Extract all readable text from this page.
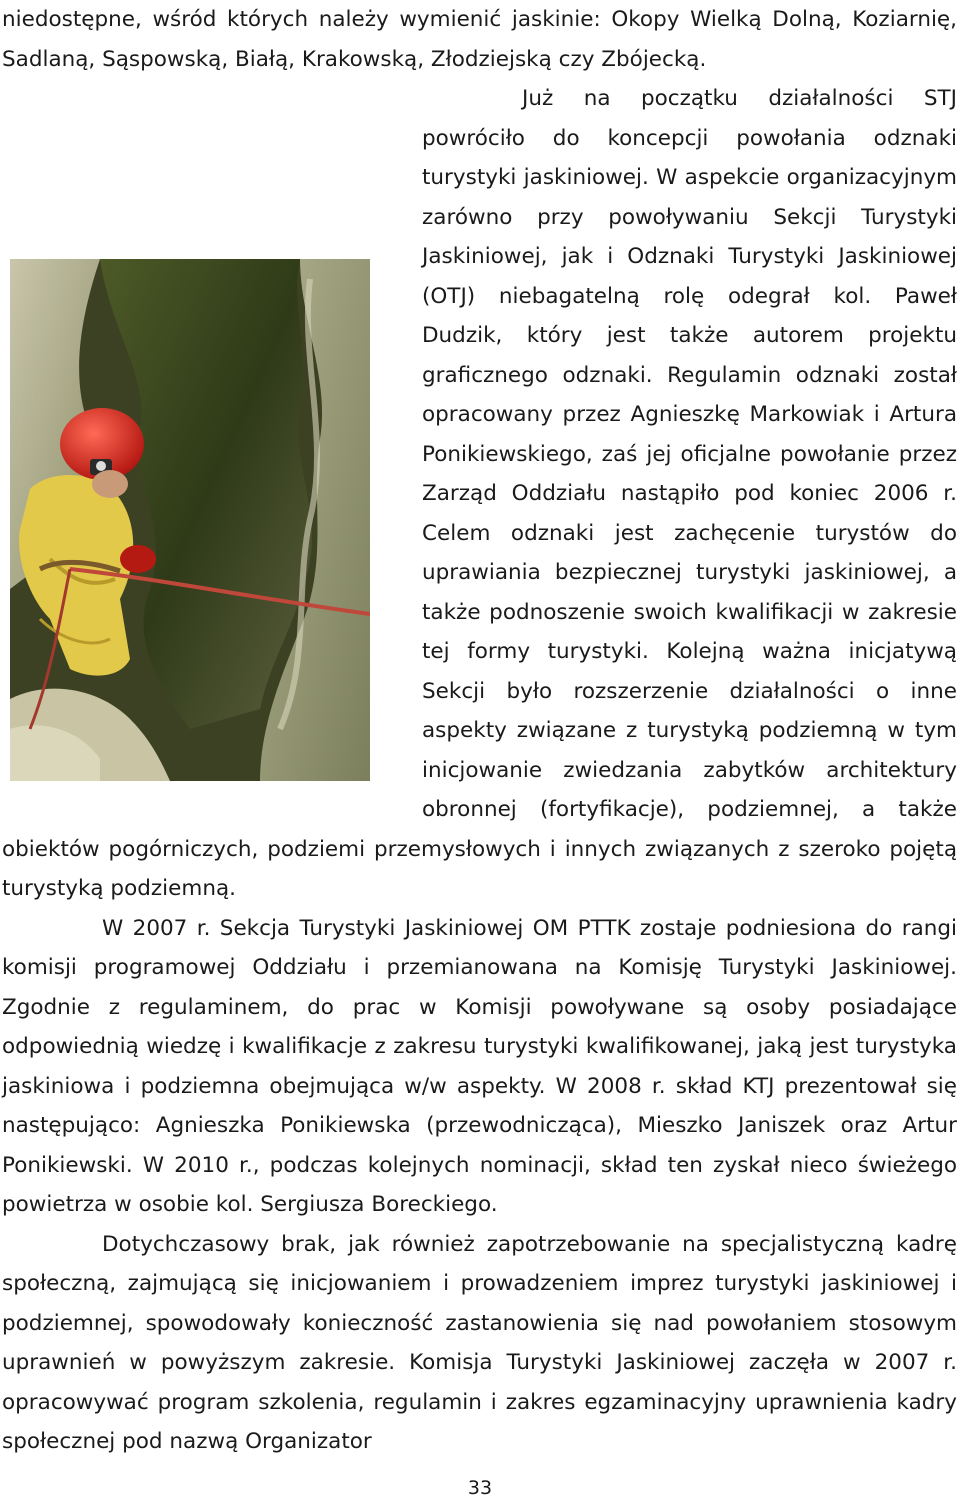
niedostępne, wśród których należy wymienić jaskinie: Okopy Wielką Dolną, Koziarnię, Sadlaną, Sąspowską, Białą, Krakowską, Złodziejską czy Zbójecką.

Już na początku działalności STJ powróciło do koncepcji powołania odznaki turystyki jaskiniowej. W aspekcie organizacyjnym zarówno przy powoływaniu Sekcji Turystyki Jaskiniowej, jak i Odznaki Turystyki Jaskiniowej (OTJ) niebagatelną rolę odegrał kol. Paweł Dudzik, który jest także autorem projektu graficznego odznaki. Regulamin odznaki został opracowany przez Agnieszkę Markowiak i Artura Ponikiewskiego, zaś jej oficjalne powołanie przez Zarząd Oddziału nastąpiło pod koniec 2006 r. Celem odznaki jest zachęcenie turystów do uprawiania bezpiecznej turystyki jaskiniowej, a także podnoszenie swoich kwalifikacji w zakresie tej formy turystyki. Kolejną ważna inicjatywą Sekcji było rozszerzenie działalności o inne aspekty związane z turystyką podziemną w tym inicjowanie zwiedzania zabytków architektury obronnej (fortyfikacje), podziemnej, a także obiektów pogórniczych, podziemi przemysłowych i innych związanych z szeroko pojętą turystyką podziemną.

W 2007 r. Sekcja Turystyki Jaskiniowej OM PTTK zostaje podniesiona do rangi komisji programowej Oddziału i przemianowana na Komisję Turystyki Jaskiniowej. Zgodnie z regulaminem, do prac w Komisji powoływane są osoby posiadające odpowiednią wiedzę i kwalifikacje z zakresu turystyki kwalifikowanej, jaką jest turystyka jaskiniowa i podziemna obejmująca w/w aspekty. W 2008 r. skład KTJ prezentował się następująco: Agnieszka Ponikiewska (przewodnicząca), Mieszko Janiszek oraz Artur Ponikiewski. W 2010 r., podczas kolejnych nominacji, skład ten zyskał nieco świeżego powietrza w osobie kol. Sergiusza Boreckiego.

Dotychczasowy brak, jak również zapotrzebowanie na specjalistyczną kadrę społeczną, zajmującą się inicjowaniem i prowadzeniem imprez turystyki jaskiniowej i podziemnej, spowodowały konieczność zastanowienia się nad powołaniem stosowym uprawnień w powyższym zakresie. Komisja Turystyki Jaskiniowej zaczęła w 2007 r. opracowywać program szkolenia, regulamin i zakres egzaminacyjny uprawnienia kadry społecznej pod nazwą Organizator

33
